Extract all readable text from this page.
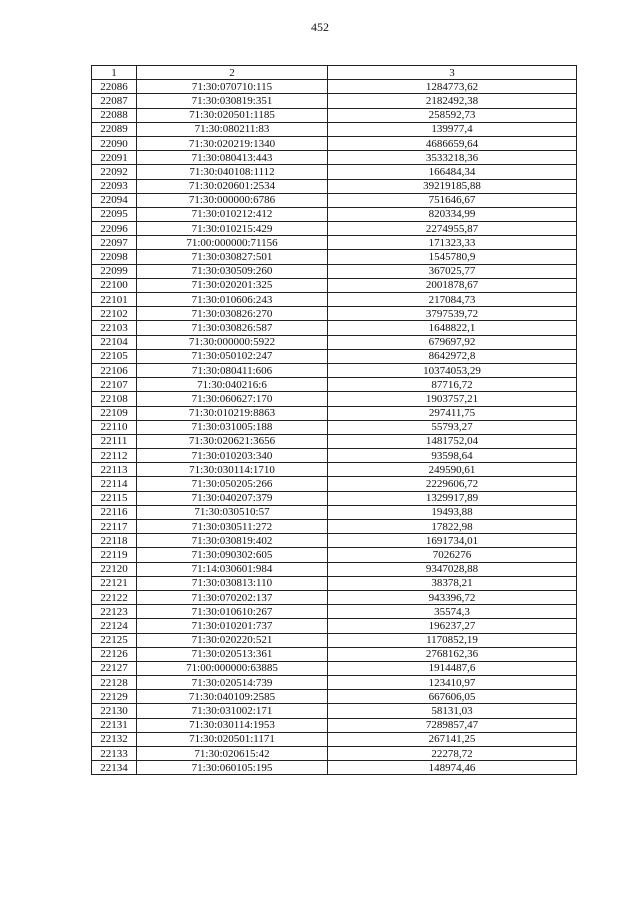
452
1	2	3
22086	71:30:070710:115	1284773,62
22087	71:30:030819:351	2182492,38
22088	71:30:020501:1185	258592,73
22089	71:30:080211:83	139977,4
22090	71:30:020219:1340	4686659,64
22091	71:30:080413:443	3533218,36
22092	71:30:040108:1112	166484,34
22093	71:30:020601:2534	39219185,88
22094	71:30:000000:6786	751646,67
22095	71:30:010212:412	820334,99
22096	71:30:010215:429	2274955,87
22097	71:00:000000:71156	171323,33
22098	71:30:030827:501	1545780,9
22099	71:30:030509:260	367025,77
22100	71:30:020201:325	2001878,67
22101	71:30:010606:243	217084,73
22102	71:30:030826:270	3797539,72
22103	71:30:030826:587	1648822,1
22104	71:30:000000:5922	679697,92
22105	71:30:050102:247	8642972,8
22106	71:30:080411:606	10374053,29
22107	71:30:040216:6	87716,72
22108	71:30:060627:170	1903757,21
22109	71:30:010219:8863	297411,75
22110	71:30:031005:188	55793,27
22111	71:30:020621:3656	1481752,04
22112	71:30:010203:340	93598,64
22113	71:30:030114:1710	249590,61
22114	71:30:050205:266	2229606,72
22115	71:30:040207:379	1329917,89
22116	71:30:030510:57	19493,88
22117	71:30:030511:272	17822,98
22118	71:30:030819:402	1691734,01
22119	71:30:090302:605	7026276
22120	71:14:030601:984	9347028,88
22121	71:30:030813:110	38378,21
22122	71:30:070202:137	943396,72
22123	71:30:010610:267	35574,3
22124	71:30:010201:737	196237,27
22125	71:30:020220:521	1170852,19
22126	71:30:020513:361	2768162,36
22127	71:00:000000:63885	1914487,6
22128	71:30:020514:739	123410,97
22129	71:30:040109:2585	667606,05
22130	71:30:031002:171	58131,03
22131	71:30:030114:1953	7289857,47
22132	71:30:020501:1171	267141,25
22133	71:30:020615:42	22278,72
22134	71:30:060105:195	148974,46
